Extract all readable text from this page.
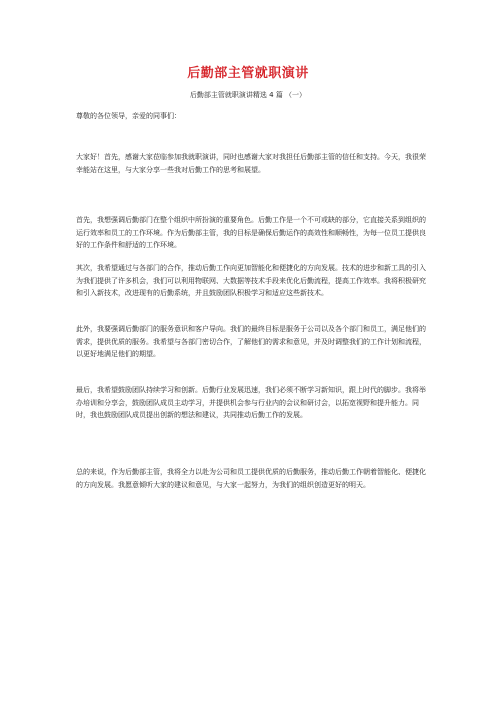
后勤部主管就职演讲
后勤部主管就职演讲精选 4 篇 （一）
尊敬的各位领导，亲爱的同事们：
大家好！首先，感谢大家莅临参加我就职演讲，同时也感谢大家对我担任后勤部主管的信任和支持。今天，我很荣幸能站在这里，与大家分享一些我对后勤工作的思考和展望。
首先，我想强调后勤部门在整个组织中所扮演的重要角色。后勤工作是一个不可或缺的部分，它直接关系到组织的运行效率和员工的工作环境。作为后勤部主管，我的目标是确保后勤运作的高效性和顺畅性，为每一位员工提供良好的工作条件和舒适的工作环境。
其次，我希望通过与各部门的合作，推动后勤工作向更加智能化和便捷化的方向发展。技术的进步和新工具的引入为我们提供了许多机会，我们可以利用物联网、大数据等技术手段来优化后勤流程，提高工作效率。我将积极研究和引入新技术，改进现有的后勤系统，并且鼓励团队积极学习和适应这些新技术。
此外，我要强调后勤部门的服务意识和客户导向。我们的最终目标是服务于公司以及各个部门和员工，满足他们的需求，提供优质的服务。我希望与各部门密切合作，了解他们的需求和意见，并及时调整我们的工作计划和流程，以更好地满足他们的期望。
最后，我希望鼓励团队持续学习和创新。后勤行业发展迅速，我们必须不断学习新知识，跟上时代的脚步。我将举办培训和分享会，鼓励团队成员主动学习，并提供机会参与行业内的会议和研讨会，以拓宽视野和提升能力。同时，我也鼓励团队成员提出创新的想法和建议，共同推动后勤工作的发展。
总的来说，作为后勤部主管，我将全力以赴为公司和员工提供优质的后勤服务，推动后勤工作朝着智能化、便捷化的方向发展。我愿意倾听大家的建议和意见，与大家一起努力，为我们的组织创造更好的明天。
